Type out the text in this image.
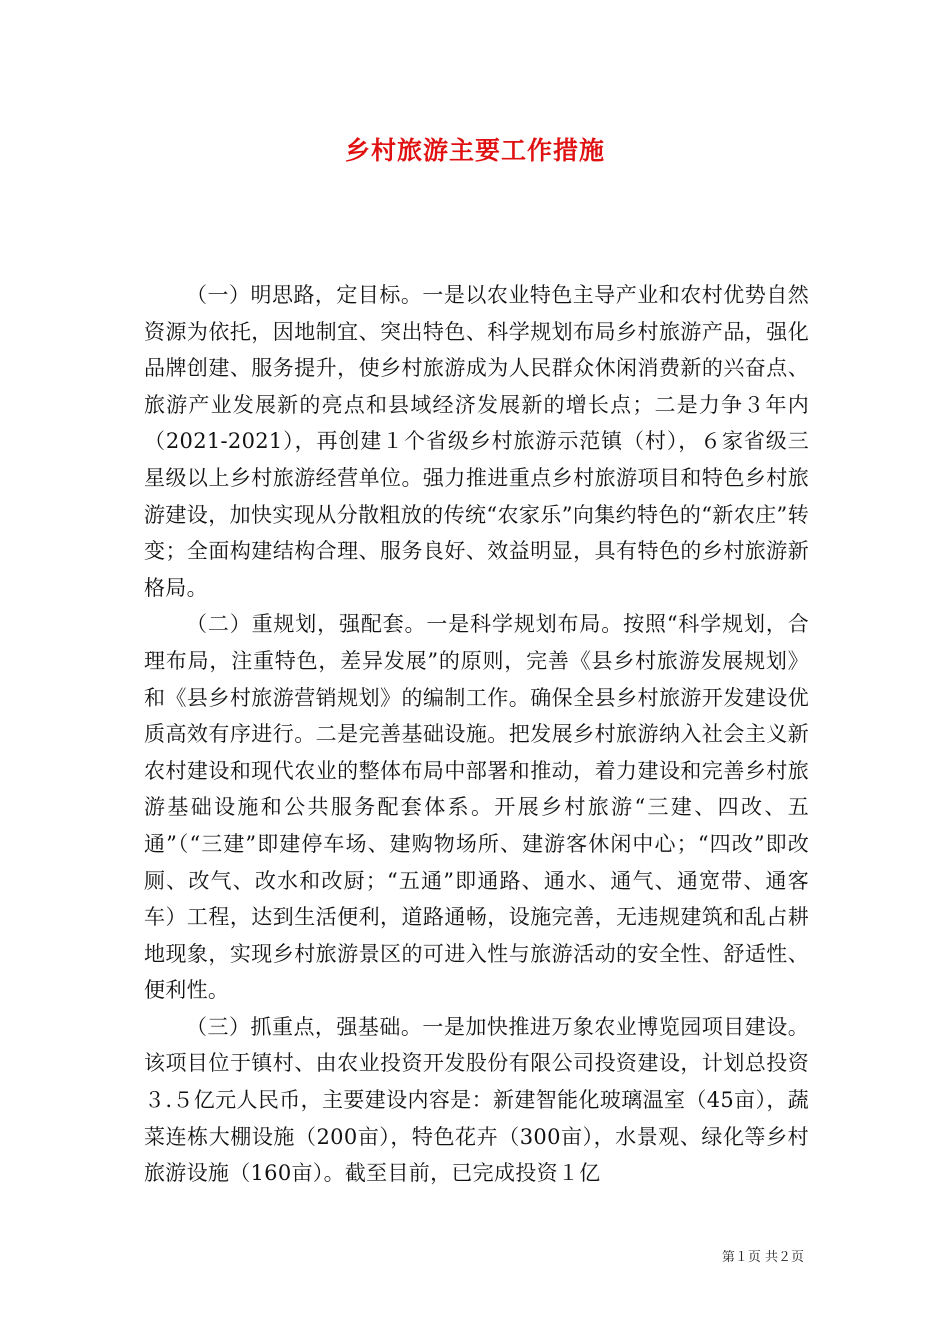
乡村旅游主要工作措施

（一）明思路，定目标。一是以农业特色主导产业和农村优势自然资源为依托，因地制宜、突出特色、科学规划布局乡村旅游产品，强化品牌创建、服务提升，使乡村旅游成为人民群众休闲消费新的兴奋点、旅游产业发展新的亮点和县域经济发展新的增长点；二是力争３年内（2021-2021），再创建１个省级乡村旅游示范镇（村），６家省级三星级以上乡村旅游经营单位。强力推进重点乡村旅游项目和特色乡村旅游建设，加快实现从分散粗放的传统“农家乐”向集约特色的“新农庄”转变；全面构建结构合理、服务良好、效益明显，具有特色的乡村旅游新格局。

（二）重规划，强配套。一是科学规划布局。按照“科学规划，合理布局，注重特色，差异发展”的原则，完善《县乡村旅游发展规划》和《县乡村旅游营销规划》的编制工作。确保全县乡村旅游开发建设优质高效有序进行。二是完善基础设施。把发展乡村旅游纳入社会主义新农村建设和现代农业的整体布局中部署和推动，着力建设和完善乡村旅游基础设施和公共服务配套体系。开展乡村旅游“三建、四改、五通”（“三建”即建停车场、建购物场所、建游客休闲中心；“四改”即改厕、改气、改水和改厨；“五通”即通路、通水、通气、通宽带、通客车）工程，达到生活便利，道路通畅，设施完善，无违规建筑和乱占耕地现象，实现乡村旅游景区的可进入性与旅游活动的安全性、舒适性、便利性。

（三）抓重点，强基础。一是加快推进万象农业博览园项目建设。该项目位于镇村、由农业投资开发股份有限公司投资建设，计划总投资３.５亿元人民币，主要建设内容是：新建智能化玻璃温室（45亩），蔬菜连栋大棚设施（200亩），特色花卉（300亩），水景观、绿化等乡村旅游设施（160亩）。截至目前，已完成投资１亿

第１页 共２页
